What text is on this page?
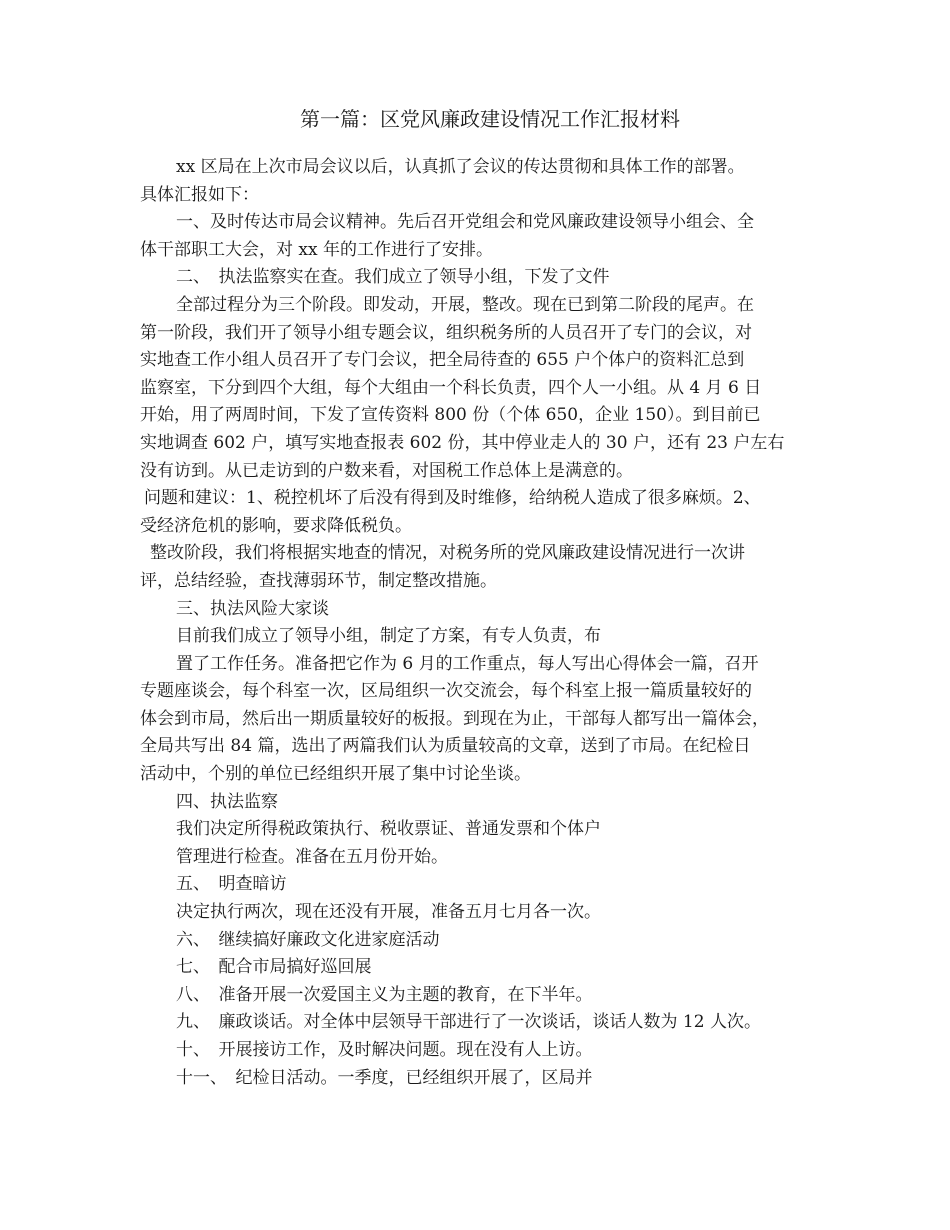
第一篇：区党风廉政建设情况工作汇报材料
xx 区局在上次市局会议以后，认真抓了会议的传达贯彻和具体工作的部署。
具体汇报如下：
一、及时传达市局会议精神。先后召开党组会和党风廉政建设领导小组会、全
体干部职工大会，对 xx 年的工作进行了安排。
二、　执法监察实在查。我们成立了领导小组，下发了文件
全部过程分为三个阶段。即发动，开展，整改。现在已到第二阶段的尾声。在
第一阶段，我们开了领导小组专题会议，组织税务所的人员召开了专门的会议，对
实地查工作小组人员召开了专门会议，把全局待查的 655 户个体户的资料汇总到
监察室，下分到四个大组，每个大组由一个科长负责，四个人一小组。从 4 月 6 日
开始，用了两周时间，下发了宣传资料 800 份（个体 650，企业 150）。到目前已
实地调查 602 户，填写实地查报表 602 份，其中停业走人的 30 户，还有 23 户左右
没有访到。从已走访到的户数来看，对国税工作总体上是满意的。
问题和建议：1、税控机坏了后没有得到及时维修，给纳税人造成了很多麻烦。2、
受经济危机的影响，要求降低税负。
整改阶段，我们将根据实地查的情况，对税务所的党风廉政建设情况进行一次讲
评，总结经验，查找薄弱环节，制定整改措施。
三、执法风险大家谈
目前我们成立了领导小组，制定了方案，有专人负责，布
置了工作任务。准备把它作为 6 月的工作重点，每人写出心得体会一篇，召开
专题座谈会，每个科室一次，区局组织一次交流会，每个科室上报一篇质量较好的
体会到市局，然后出一期质量较好的板报。到现在为止，干部每人都写出一篇体会，
全局共写出 84 篇，选出了两篇我们认为质量较高的文章，送到了市局。在纪检日
活动中，个别的单位已经组织开展了集中讨论坐谈。
四、执法监察
我们决定所得税政策执行、税收票证、普通发票和个体户
管理进行检查。准备在五月份开始。
五、　明查暗访
决定执行两次，现在还没有开展，准备五月七月各一次。
六、　继续搞好廉政文化进家庭活动
七、　配合市局搞好巡回展
八、　准备开展一次爱国主义为主题的教育，在下半年。
九、　廉政谈话。对全体中层领导干部进行了一次谈话，谈话人数为 12 人次。
十、　开展接访工作，及时解决问题。现在没有人上访。
十一、　纪检日活动。一季度，已经组织开展了，区局并
